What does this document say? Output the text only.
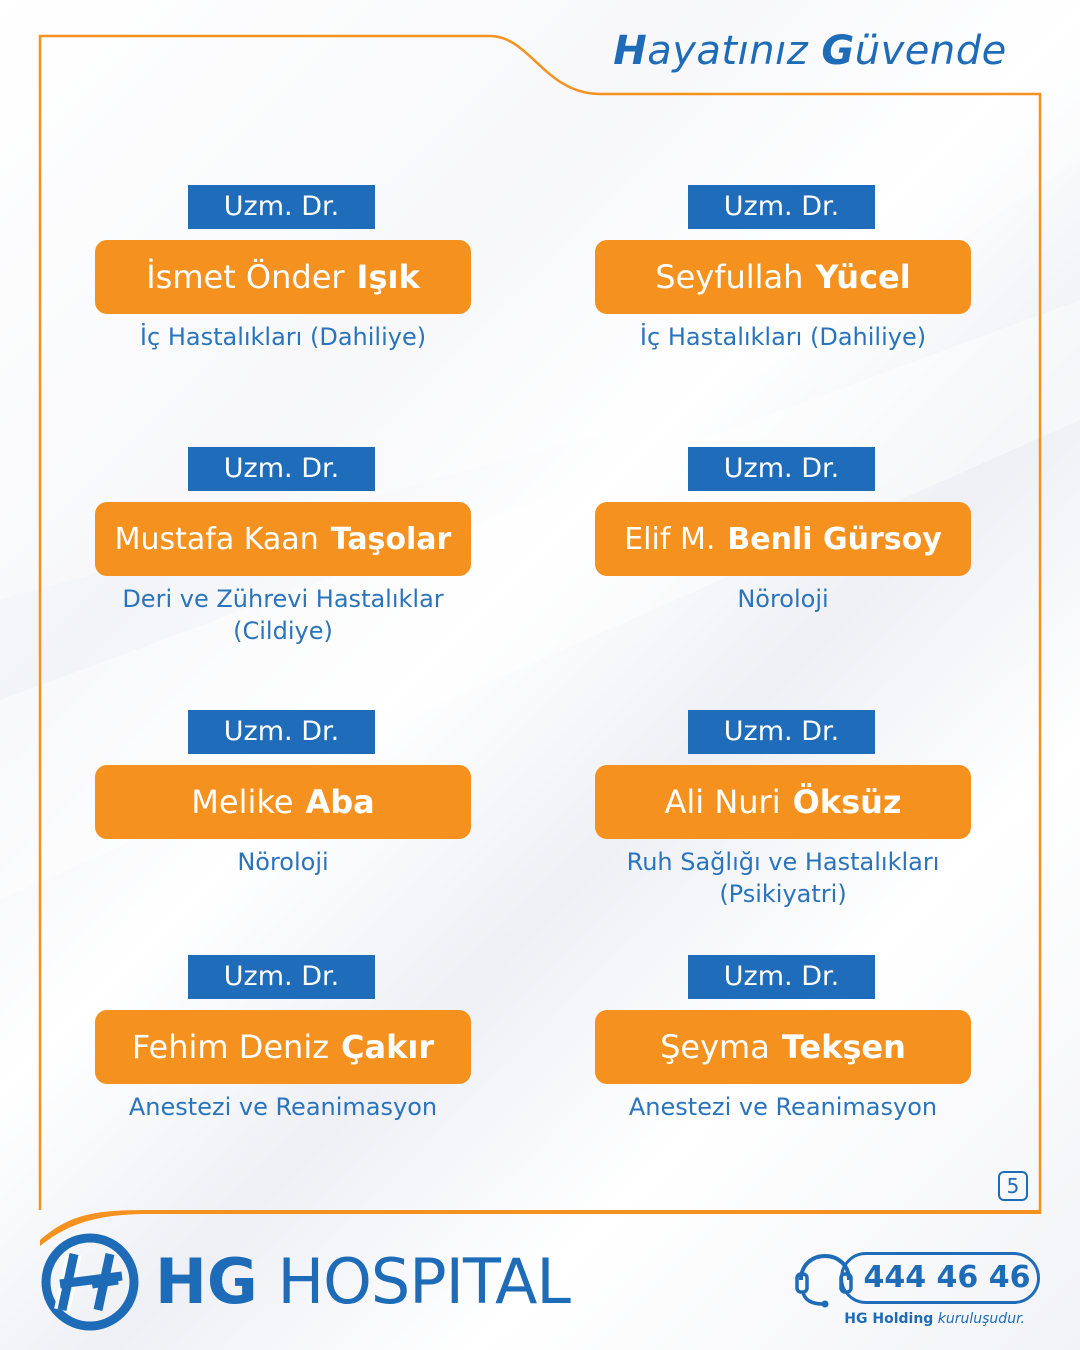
Hayatınız Güvende
Uzm. Dr.
İsmet Önder Işık
İç Hastalıkları (Dahiliye)
Uzm. Dr.
Seyfullah Yücel
İç Hastalıkları (Dahiliye)
Uzm. Dr.
Mustafa Kaan Taşolar
Deri ve Zührevi Hastalıklar (Cildiye)
Uzm. Dr.
Elif M. Benli Gürsoy
Nöroloji
Uzm. Dr.
Melike Aba
Nöroloji
Uzm. Dr.
Ali Nuri Öksüz
Ruh Sağlığı ve Hastalıkları (Psikiyatri)
Uzm. Dr.
Fehim Deniz Çakır
Anestezi ve Reanimasyon
Uzm. Dr.
Şeyma Tekşen
Anestezi ve Reanimasyon
5
HG HOSPITAL	444 46 46
HG Holding kuruluşudur.
